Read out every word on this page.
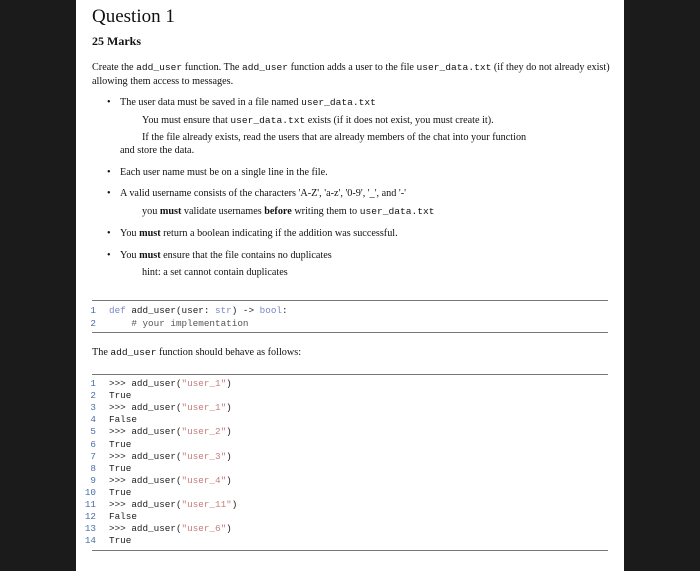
Question 1
25 Marks
Create the add_user function. The add_user function adds a user to the file user_data.txt (if they do not already exist) allowing them access to messages.
• The user data must be saved in a file named user_data.txt
You must ensure that user_data.txt exists (if it does not exist, you must create it).
If the file already exists, read the users that are already members of the chat into your function
and store the data.
• Each user name must be on a single line in the file.
• A valid username consists of the characters 'A-Z', 'a-z', '0-9', '_', and '-'
you must validate usernames before writing them to user_data.txt
• You must return a boolean indicating if the addition was successful.
• You must ensure that the file contains no duplicates
hint: a set cannot contain duplicates
1 def add_user(user: str) -> bool:
2    # your implementation
The add_user function should behave as follows:
1 >>> add_user("user_1")
2 True
3 >>> add_user("user_1")
4 False
5 >>> add_user("user_2")
6 True
7 >>> add_user("user_3")
8 True
9 >>> add_user("user_4")
10 True
11 >>> add_user("user_11")
12 False
13 >>> add_user("user_6")
14 True
